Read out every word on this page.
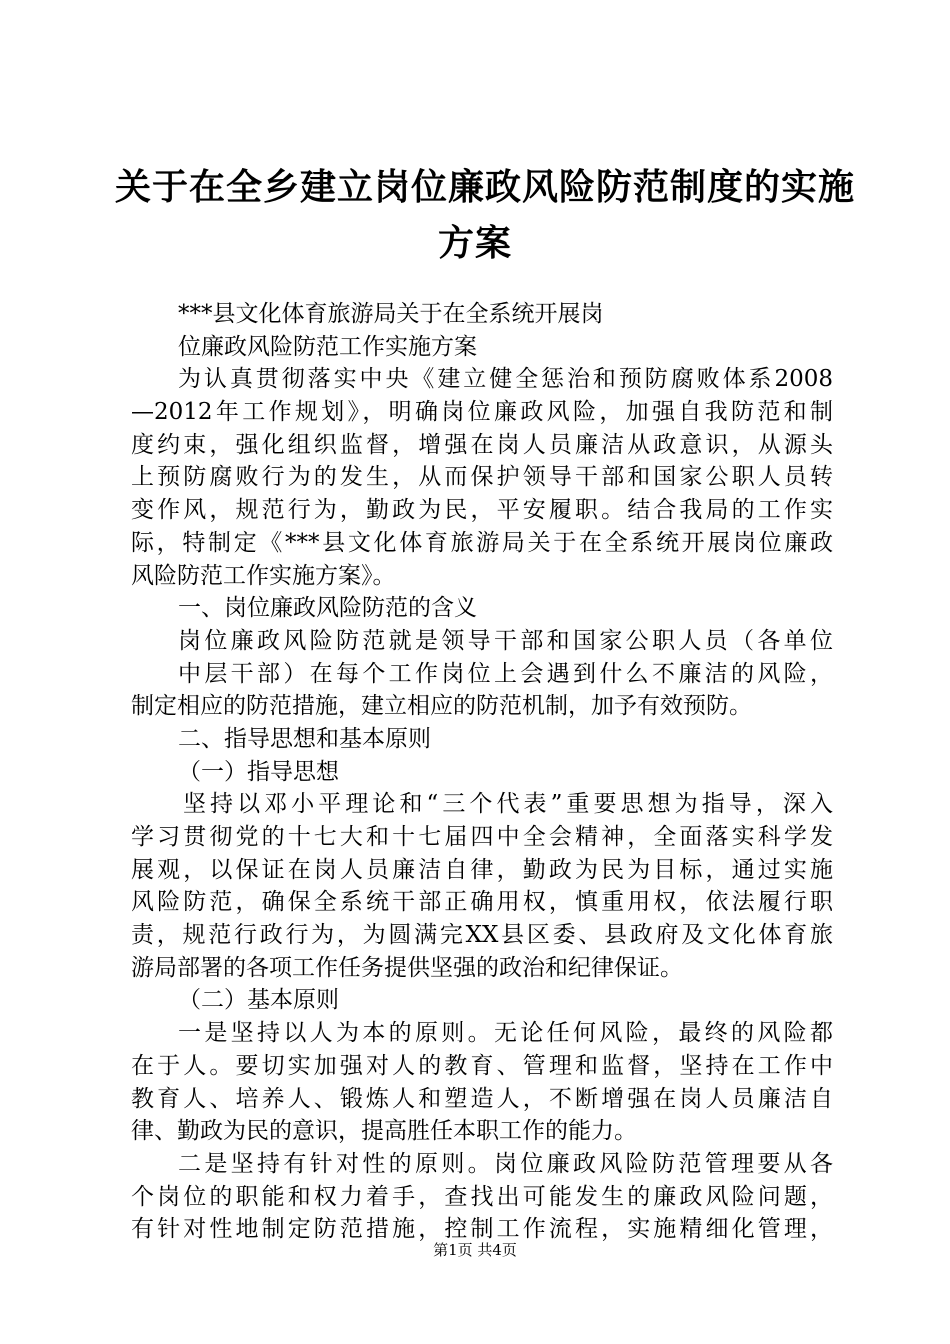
关于在全乡建立岗位廉政风险防范制度的实施
方案
***县文化体育旅游局关于在全系统开展岗
位廉政风险防范工作实施方案
为认真贯彻落实中央《建立健全惩治和预防腐败体系2008
—2012年工作规划》，明确岗位廉政风险，加强自我防范和制
度约束，强化组织监督，增强在岗人员廉洁从政意识，从源头
上预防腐败行为的发生，从而保护领导干部和国家公职人员转
变作风，规范行为，勤政为民，平安履职。结合我局的工作实
际，特制定《***县文化体育旅游局关于在全系统开展岗位廉政
风险防范工作实施方案》。
一、岗位廉政风险防范的含义
岗位廉政风险防范就是领导干部和国家公职人员（各单位
中层干部）在每个工作岗位上会遇到什么不廉洁的风险，
制定相应的防范措施，建立相应的防范机制，加予有效预防。
二、指导思想和基本原则
（一）指导思想
坚持以邓小平理论和“三个代表”重要思想为指导，深入
学习贯彻党的十七大和十七届四中全会精神，全面落实科学发
展观，以保证在岗人员廉洁自律，勤政为民为目标，通过实施
风险防范，确保全系统干部正确用权，慎重用权，依法履行职
责，规范行政行为，为圆满完XX县区委、县政府及文化体育旅
游局部署的各项工作任务提供坚强的政治和纪律保证。
（二）基本原则
一是坚持以人为本的原则。无论任何风险，最终的风险都
在于人。要切实加强对人的教育、管理和监督，坚持在工作中
教育人、培养人、锻炼人和塑造人，不断增强在岗人员廉洁自
律、勤政为民的意识，提高胜任本职工作的能力。
二是坚持有针对性的原则。岗位廉政风险防范管理要从各
个岗位的职能和权力着手，查找出可能发生的廉政风险问题，
有针对性地制定防范措施，控制工作流程，实施精细化管理，
第1页 共4页
